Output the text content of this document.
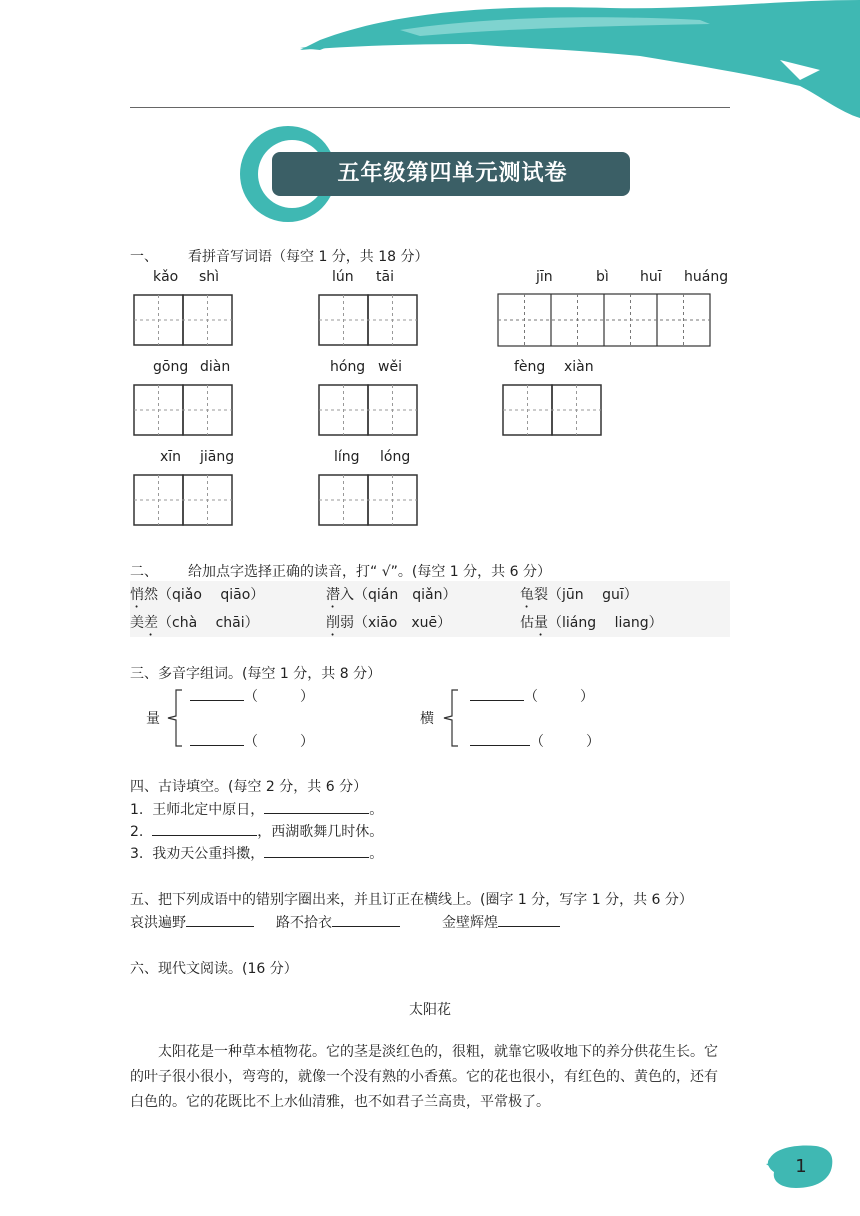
五年级第四单元测试卷
一、 看拼音写词语（每空 1 分，共 18 分）
kǎo shì	lún tāi	jīn	bì huī huáng
gōng diàn	hóng wěi	fèng xiàn
xīn jiāng	líng lóng
二、 给加点字选择正确的读音，打“ √”。(每空 1 分，共 6 分）
悄然（qiǎo　 qiāo）	潜入（qián　qiǎn）	龟裂（jūn　 guī）
美差（chà　 chāi）	削弱（xiāo　xuē）	估量（liáng　 liang）
三、多音字组词。(每空 1 分，共 8 分）
量
（　　　）
（　　　）
横
（　　　）
（　　　）
四、古诗填空。(每空 2 分，共 6 分）
1. 王师北定中原日，	。
2.	，西湖歌舞几时休。
3. 我劝天公重抖擞，	。
五、把下列成语中的错别字圈出来，并且订正在横线上。(圈字 1 分，写字 1 分，共 6 分）
哀洪遍野	路不拾衣	金壁辉煌
六、现代文阅读。(16 分）
太阳花
太阳花是一种草本植物花。它的茎是淡红色的，很粗，就靠它吸收地下的养分供花生长。它的叶子很小很小，弯弯的，就像一个没有熟的小香蕉。它的花也很小，有红色的、黄色的，还有白色的。它的花既比不上水仙清雅，也不如君子兰高贵，平常极了。
1
